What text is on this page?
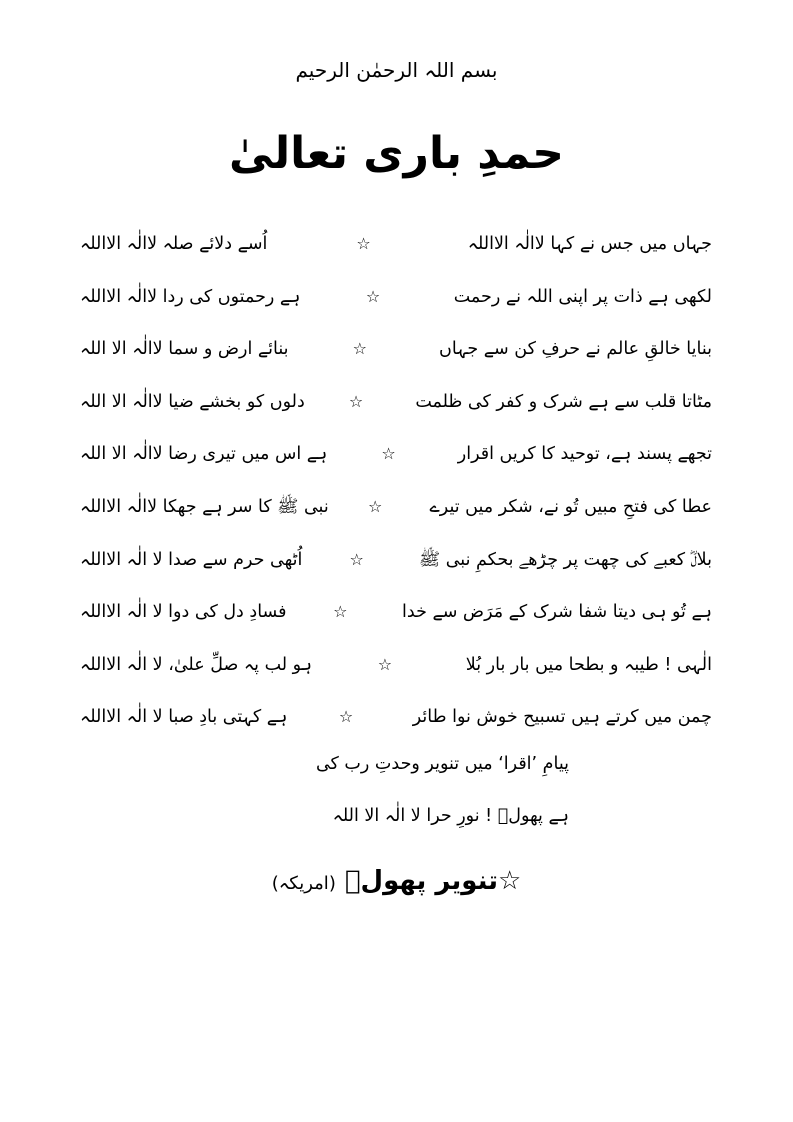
بسم اللہ الرحمٰن الرحیم
حمدِ باری تعالیٰ
جہاں میں جس نے کہا لاالٰہ الااللہ
☆
اُسے دلائے صلہ لاالٰہ الااللہ
لکھی ہے ذات پر اپنی اللہ نے رحمت
☆
ہے رحمتوں کی ردا لاالٰہ الااللہ
بنایا خالقِ عالم نے حرفِ کن سے جہاں
☆
بنائے ارض و سما لاالٰہ الا اللہ
مٹاتا قلب سے ہے شرک و کفر کی ظلمت
☆
دلوں کو بخشے ضیا لاالٰہ الا اللہ
تجھے پسند ہے، توحید کا کریں اقرار
☆
ہے اس میں تیری رضا لاالٰہ الا اللہ
عطا کی فتحِ مبیں تُو نے، شکر میں تیرے
☆
نبی ﷺ کا سر ہے جھکا لاالٰہ الااللہ
بلالؓ کعبے کی چھت پر چڑھے بحکمِ نبی ﷺ
☆
اُٹھی حرم سے صدا لا الٰہ الااللہ
ہے تُو ہی دیتا شفا شرک کے مَرَض سے خدا
☆
فسادِ دل کی دوا لا الٰہ الااللہ
الٰہی ! طیبہ و بطحا میں بار بار بُلا
☆
ہو لب پہ صلِّ علیٰ، لا الٰہ الااللہ
چمن میں کرتے ہیں تسبیح خوش نوا طائر
☆
ہے کہتی بادِ صبا لا الٰہ الااللہ
پیامِ ’اقرا‘ میں تنویر وحدتِ رب کی
ہے پھولؔ ! نورِ حرا لا الٰہ الا اللہ
☆تنویر پھولؔ (امریکہ)
